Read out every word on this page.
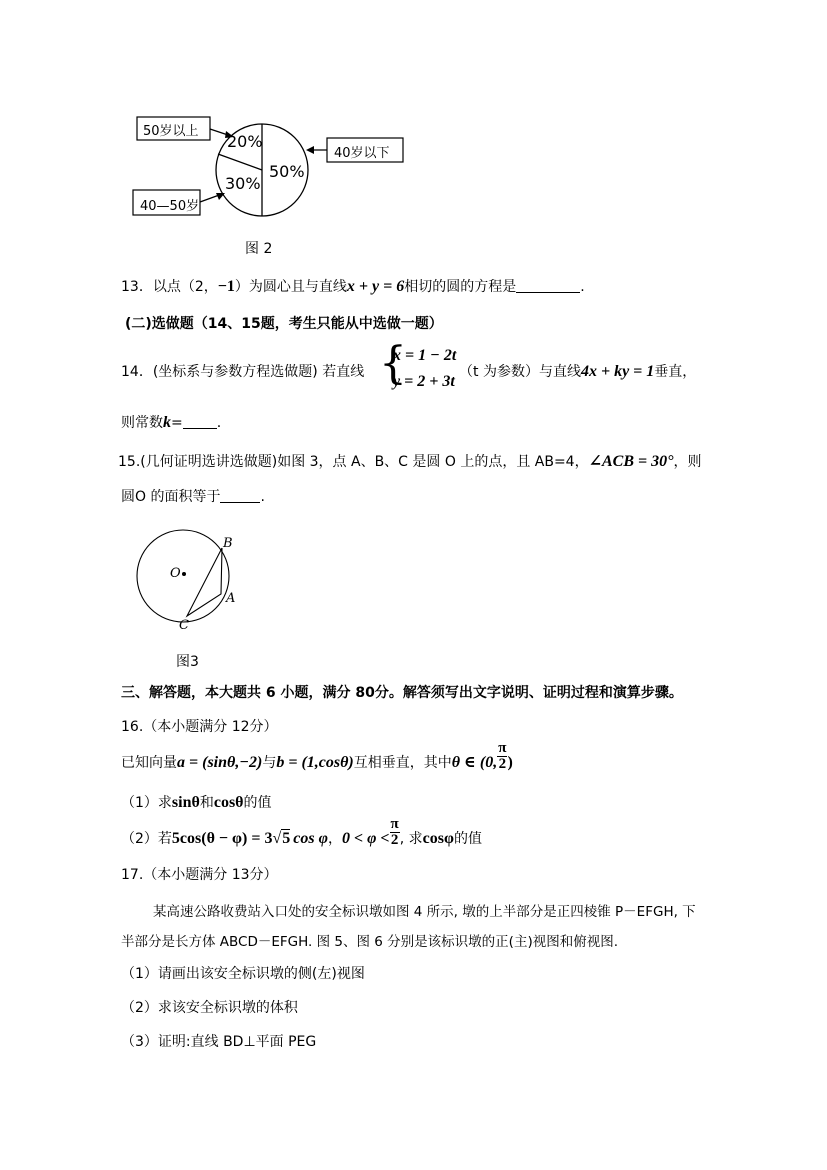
50岁以上
40岁以下
40—50岁
20%
30%
50%
图 2
13．以点（2，−1）为圆心且与直线x + y = 6相切的圆的方程是	.
(二)选做题（14、15题，考生只能从中选做一题）
14．(坐标系与参数方程选做题) 若直线 {
x = 1 − 2t
y = 2 + 3t
（t 为参数）与直线4x + ky = 1垂直，
则常数k= .
15.(几何证明选讲选做题)如图 3，点 A、B、C 是圆 O 上的点，且 AB=4，∠ACB = 30°，则
圆O 的面积等于	.
O
B
A
C
图3
三、解答题，本大题共 6 小题，满分 80分。解答须写出文字说明、证明过程和演算步骤。
16.（本小题满分 12分）
已知向量a = (sinθ,−2)与b = (1,cosθ)互相垂直，其中θ ∈ (0, $\frac{\pi}{2}$ )
（1）求sinθ和cosθ的值
（2）若5cos(θ − φ) = 3√5 cos φ，$0 < \varphi < \frac{\pi}{2}$ , 求cosφ的值
17.（本小题满分 13分）
某高速公路收费站入口处的安全标识墩如图 4 所示, 墩的上半部分是正四棱锥 P－EFGH, 下
半部分是长方体 ABCD－EFGH. 图 5、图 6 分别是该标识墩的正(主)视图和俯视图.
（1）请画出该安全标识墩的侧(左)视图
（2）求该安全标识墩的体积
（3）证明:直线 BD⊥平面 PEG
